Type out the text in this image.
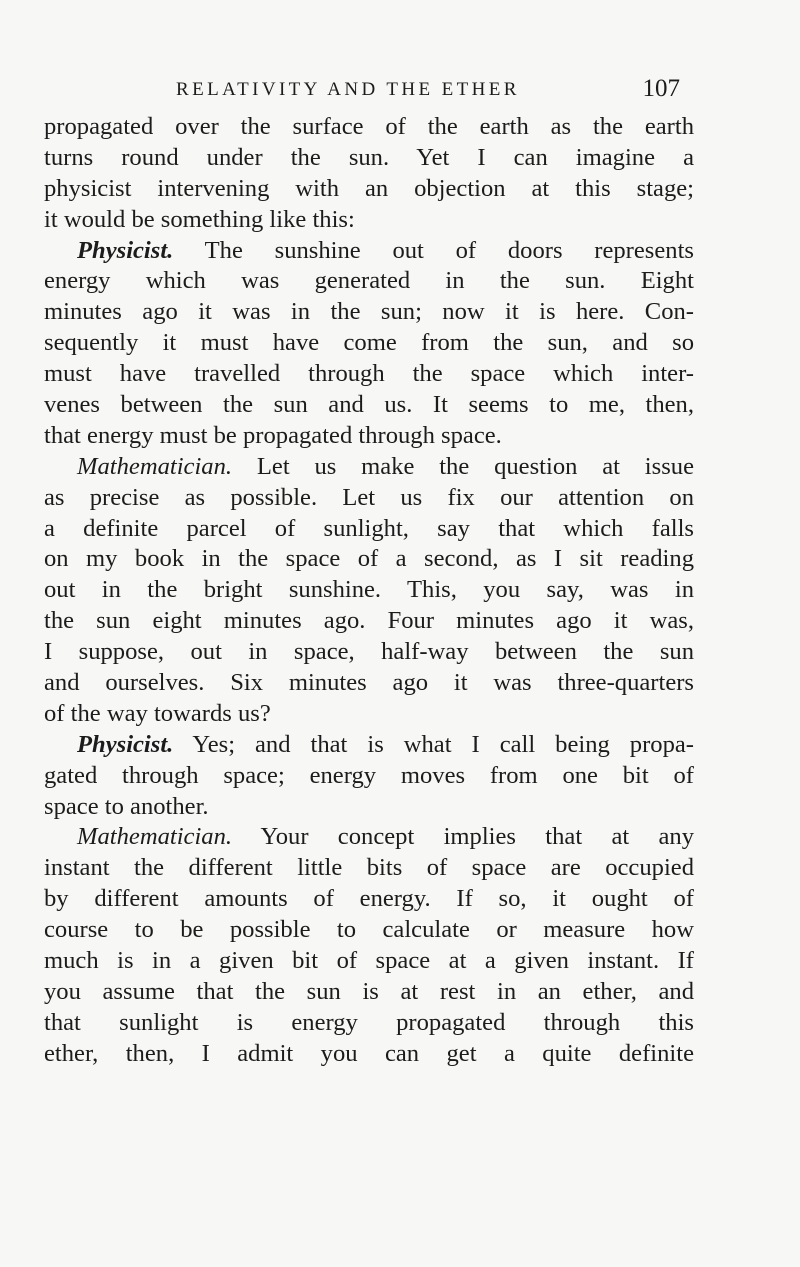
RELATIVITY AND THE ETHER	107
propagated over the surface of the earth as the earth
turns round under the sun. Yet I can imagine a
physicist intervening with an objection at this stage;
it would be something like this:
Physicist. The sunshine out of doors represents
energy which was generated in the sun. Eight
minutes ago it was in the sun; now it is here. Con-
sequently it must have come from the sun, and so
must have travelled through the space which inter-
venes between the sun and us. It seems to me, then,
that energy must be propagated through space.
Mathematician. Let us make the question at issue
as precise as possible. Let us fix our attention on
a definite parcel of sunlight, say that which falls
on my book in the space of a second, as I sit reading
out in the bright sunshine. This, you say, was in
the sun eight minutes ago. Four minutes ago it was,
I suppose, out in space, half-way between the sun
and ourselves. Six minutes ago it was three-quarters
of the way towards us?
Physicist. Yes; and that is what I call being propa-
gated through space; energy moves from one bit of
space to another.
Mathematician. Your concept implies that at any
instant the different little bits of space are occupied
by different amounts of energy. If so, it ought of
course to be possible to calculate or measure how
much is in a given bit of space at a given instant. If
you assume that the sun is at rest in an ether, and
that sunlight is energy propagated through this
ether, then, I admit you can get a quite definite
